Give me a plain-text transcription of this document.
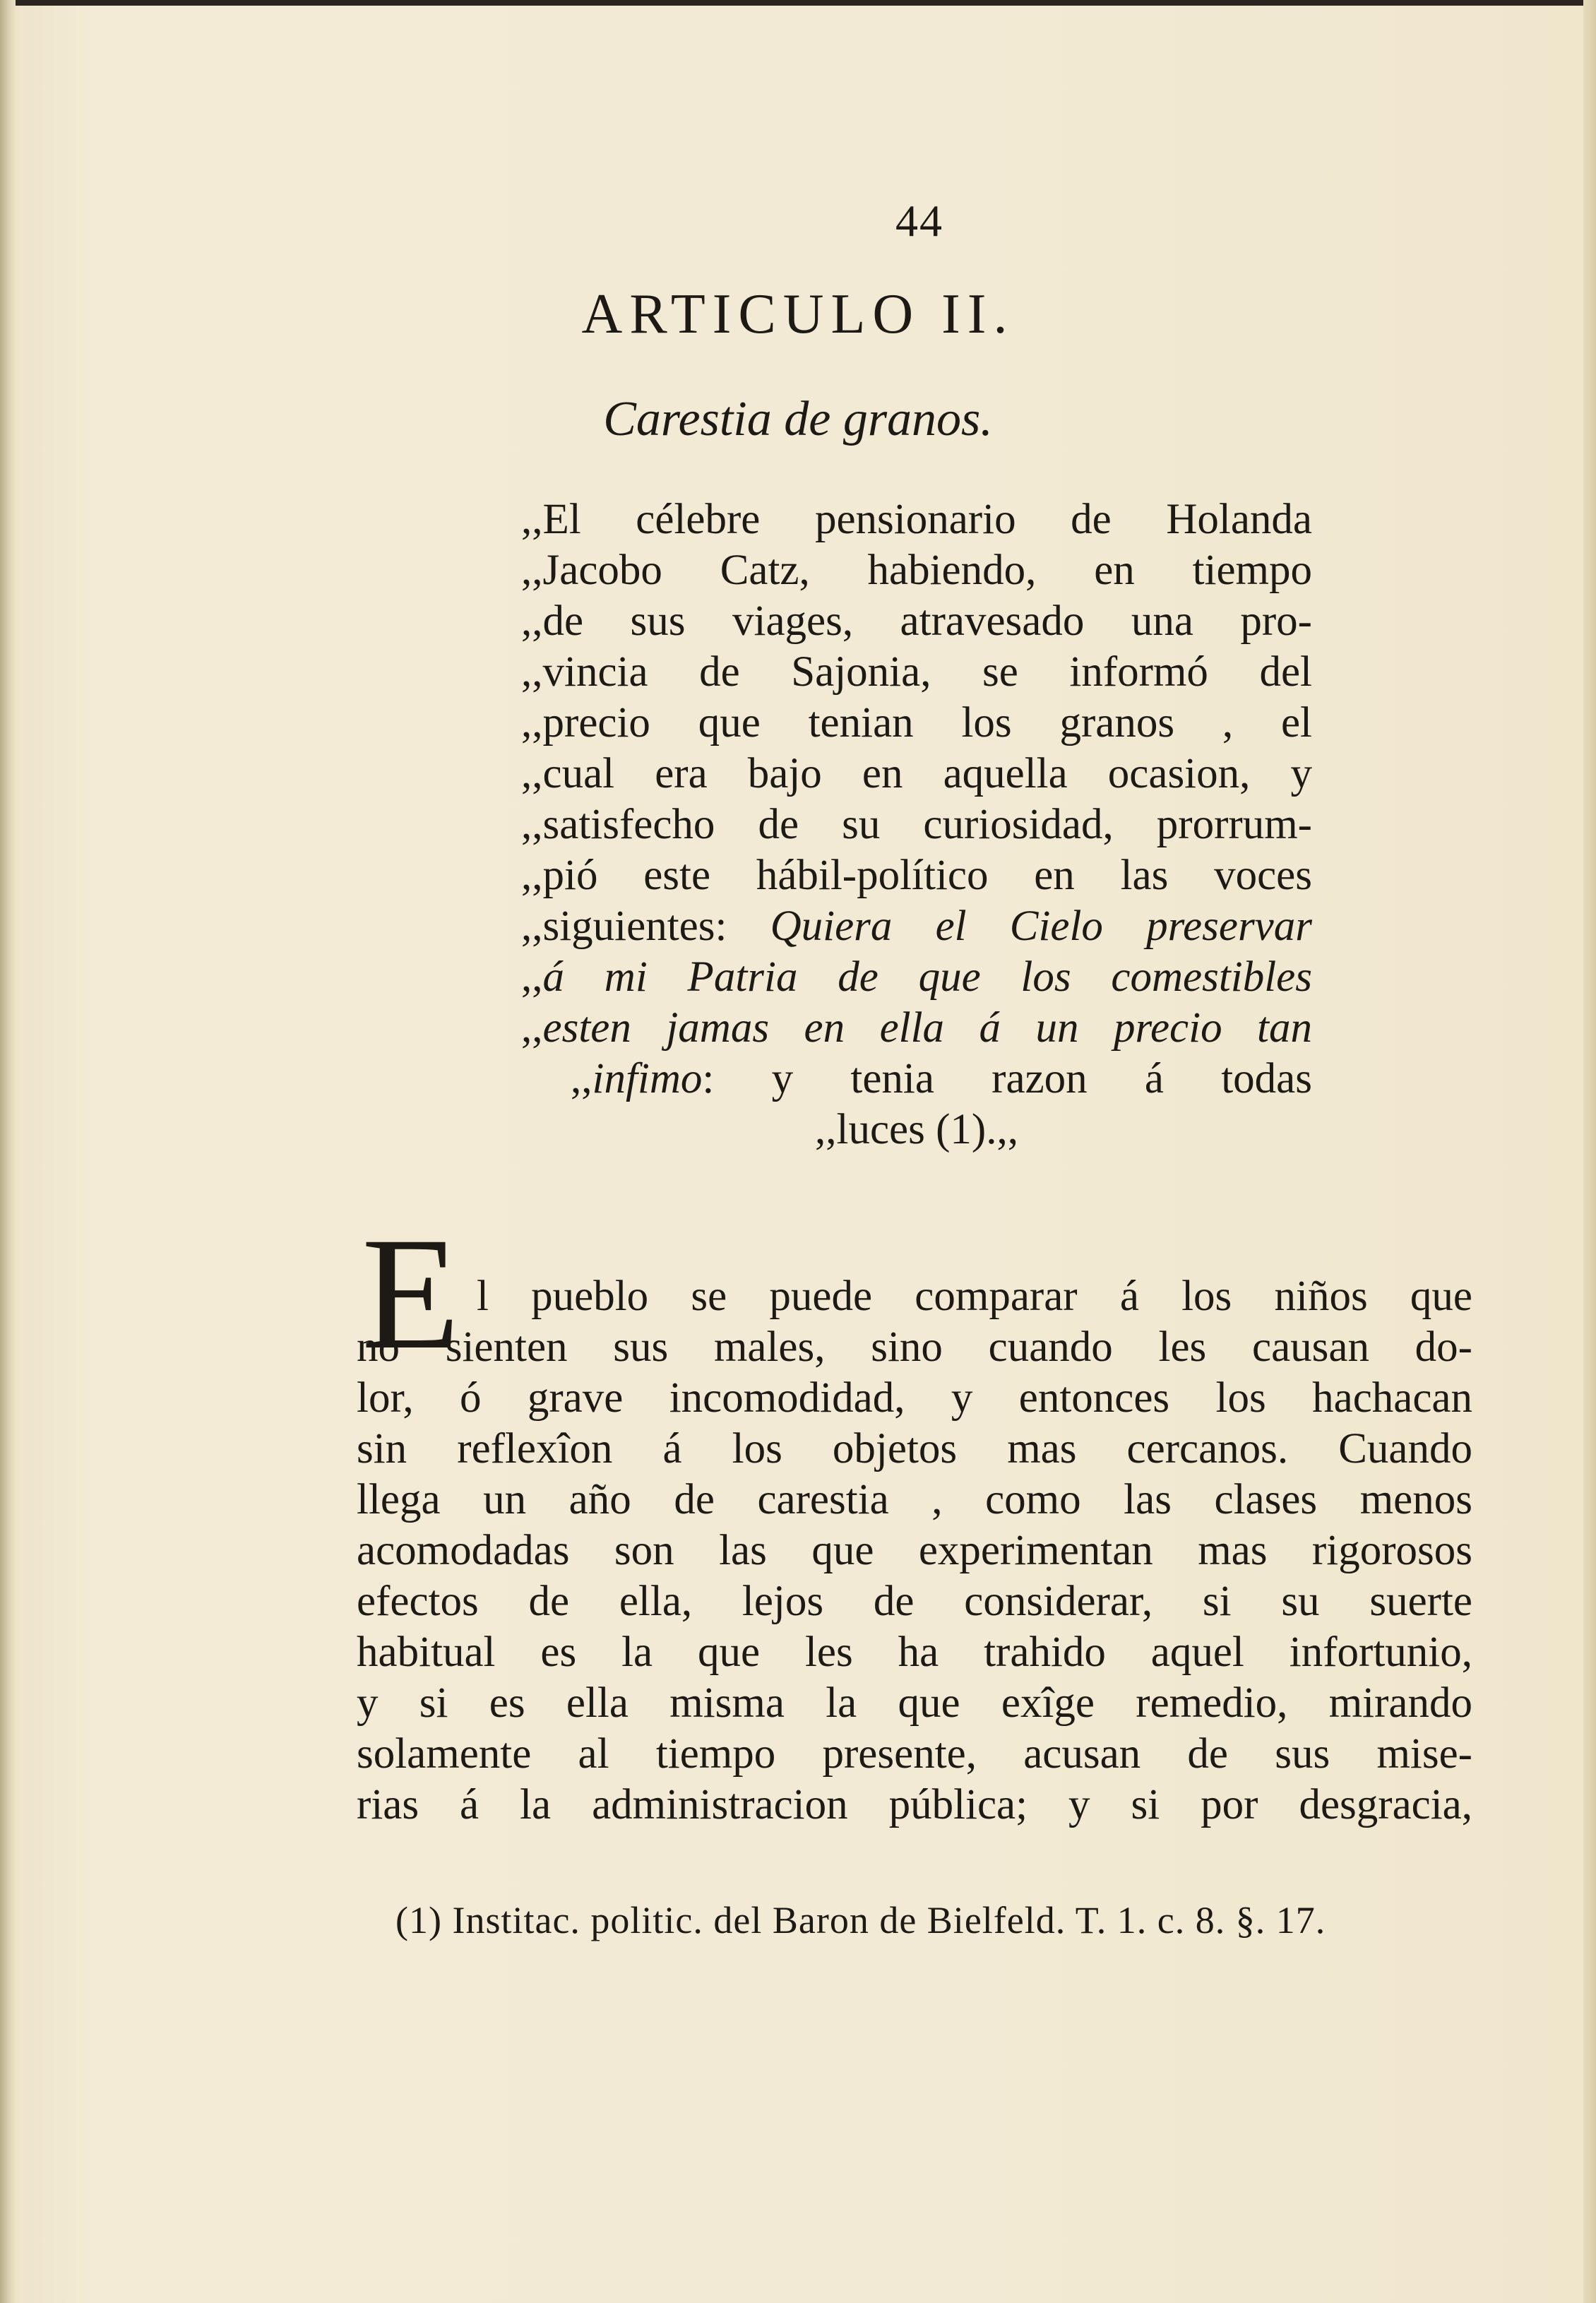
44
ARTICULO II.
Carestia de granos.
,,El célebre pensionario de Holanda
,,Jacobo Catz, habiendo, en tiempo
,,de sus viages, atravesado una pro-
,,vincia de Sajonia, se informó del
,,precio que tenian los granos , el
,,cual era bajo en aquella ocasion, y
,,satisfecho de su curiosidad, prorrum-
,,pió este hábil-político en las voces
,,siguientes: Quiera el Cielo preservar
,,á mi Patria de que los comestibles
,,esten jamas en ella á un precio tan
,,infimo: y tenia razon á todas
,,luces (1).,,
E l pueblo se puede comparar á los niños que
no sienten sus males, sino cuando les causan do-
lor, ó grave incomodidad, y entonces los hachacan
sin reflexîon á los objetos mas cercanos. Cuando
llega un año de carestia , como las clases menos
acomodadas son las que experimentan mas rigorosos
efectos de ella, lejos de considerar, si su suerte
habitual es la que les ha trahido aquel infortunio,
y si es ella misma la que exîge remedio, mirando
solamente al tiempo presente, acusan de sus mise-
rias á la administracion pública; y si por desgracia,
(1) Institac. politic. del Baron de Bielfeld. T. 1. c. 8. §. 17.
